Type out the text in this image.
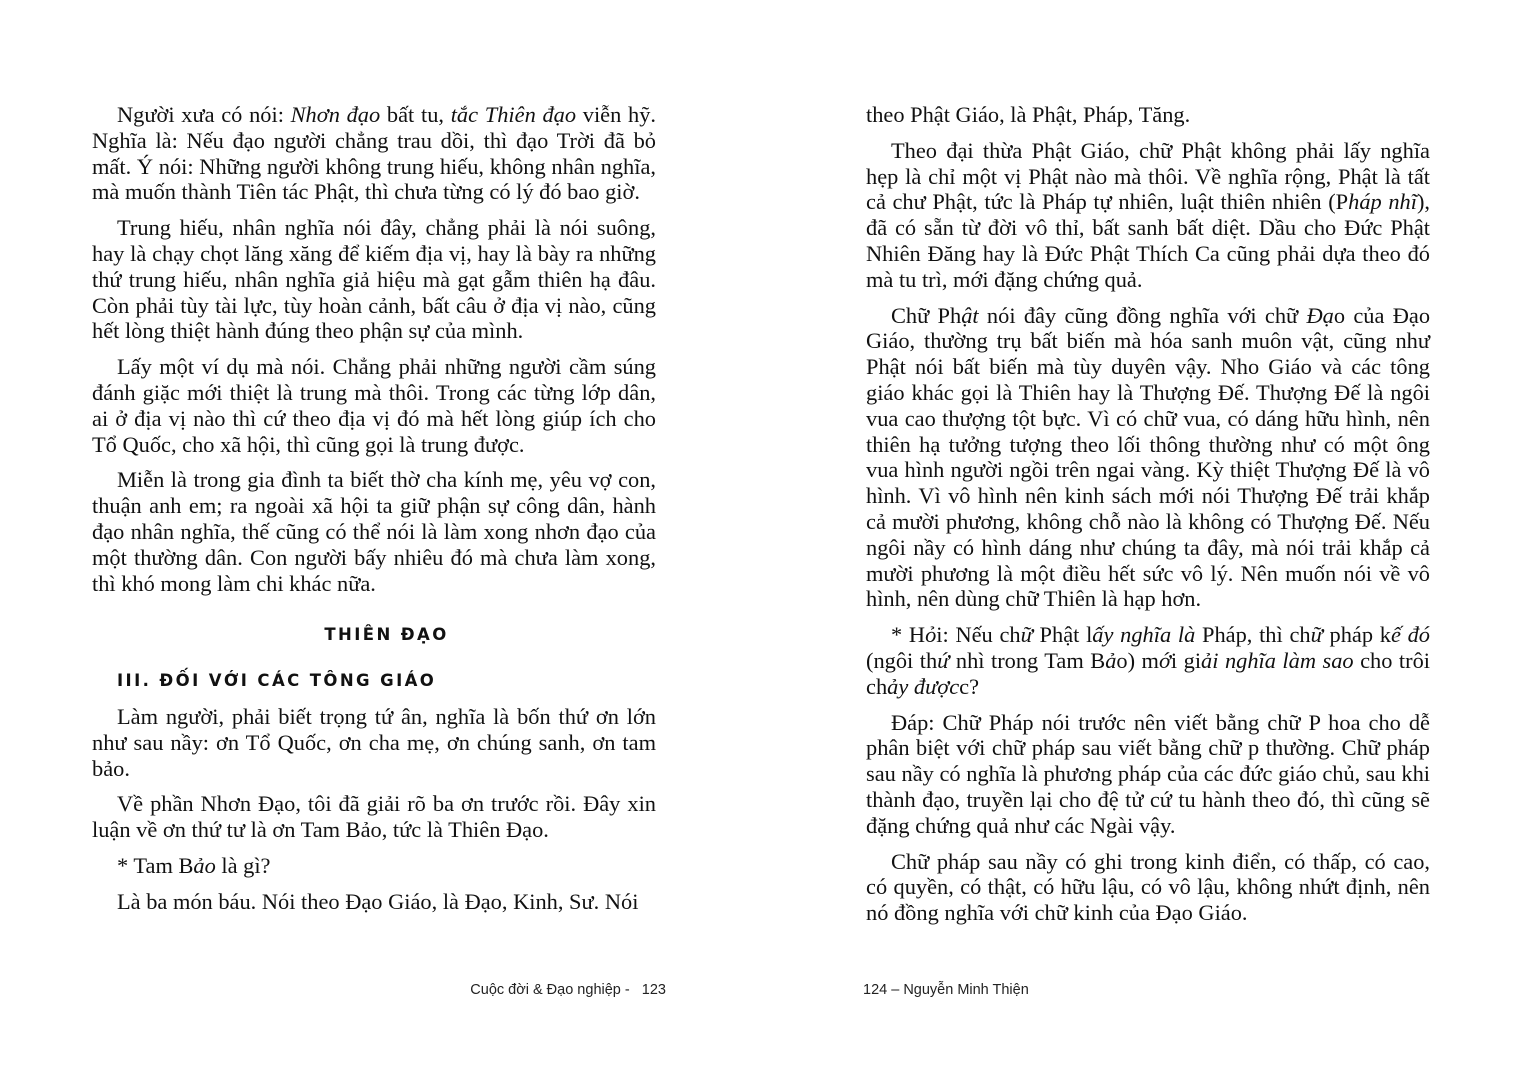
Người xưa có nói: Nhơn đạo bất tu, tắc Thiên đạo viễn hỹ. Nghĩa là: Nếu đạo người chẳng trau dồi, thì đạo Trời đã bỏ mất. Ý nói: Những người không trung hiếu, không nhân nghĩa, mà muốn thành Tiên tác Phật, thì chưa từng có lý đó bao giờ.

Trung hiếu, nhân nghĩa nói đây, chẳng phải là nói suông, hay là chạy chọt lăng xăng để kiếm địa vị, hay là bày ra những thứ trung hiếu, nhân nghĩa giả hiệu mà gạt gẫm thiên hạ đâu. Còn phải tùy tài lực, tùy hoàn cảnh, bất câu ở địa vị nào, cũng hết lòng thiệt hành đúng theo phận sự của mình.

Lấy một ví dụ mà nói. Chẳng phải những người cầm súng đánh giặc mới thiệt là trung mà thôi. Trong các từng lớp dân, ai ở địa vị nào thì cứ theo địa vị đó mà hết lòng giúp ích cho Tổ Quốc, cho xã hội, thì cũng gọi là trung được.

Miễn là trong gia đình ta biết thờ cha kính mẹ, yêu vợ con, thuận anh em; ra ngoài xã hội ta giữ phận sự công dân, hành đạo nhân nghĩa, thế cũng có thể nói là làm xong nhơn đạo của một thường dân. Con người bấy nhiêu đó mà chưa làm xong, thì khó mong làm chi khác nữa.

THIÊN ĐẠO

III. ĐỐI VỚI CÁC TÔNG GIÁO

Làm người, phải biết trọng tứ ân, nghĩa là bốn thứ ơn lớn như sau nầy: ơn Tổ Quốc, ơn cha mẹ, ơn chúng sanh, ơn tam bảo.

Về phần Nhơn Đạo, tôi đã giải rõ ba ơn trước rồi. Đây xin luận về ơn thứ tư là ơn Tam Bảo, tức là Thiên Đạo.

* Tam Bảo là gì?

Là ba món báu. Nói theo Đạo Giáo, là Đạo, Kinh, Sư. Nói

Cuộc đời & Đạo nghiệp -   123

theo Phật Giáo, là Phật, Pháp, Tăng.

Theo đại thừa Phật Giáo, chữ Phật không phải lấy nghĩa hẹp là chỉ một vị Phật nào mà thôi. Về nghĩa rộng, Phật là tất cả chư Phật, tức là Pháp tự nhiên, luật thiên nhiên (Pháp nhĩ), đã có sẵn từ đời vô thỉ, bất sanh bất diệt. Dầu cho Đức Phật Nhiên Đăng hay là Đức Phật Thích Ca cũng phải dựa theo đó mà tu trì, mới đặng chứng quả.

Chữ Phật nói đây cũng đồng nghĩa với chữ Đạo của Đạo Giáo, thường trụ bất biến mà hóa sanh muôn vật, cũng như Phật nói bất biến mà tùy duyên vậy. Nho Giáo và các tông giáo khác gọi là Thiên hay là Thượng Đế. Thượng Đế là ngôi vua cao thượng tột bực. Vì có chữ vua, có dáng hữu hình, nên thiên hạ tưởng tượng theo lối thông thường như có một ông vua hình người ngồi trên ngai vàng. Kỳ thiệt Thượng Đế là vô hình. Vì vô hình nên kinh sách mới nói Thượng Đế trải khắp cả mười phương, không chỗ nào là không có Thượng Đế. Nếu ngôi nầy có hình dáng như chúng ta đây, mà nói trải khắp cả mười phương là một điều hết sức vô lý. Nên muốn nói về vô hình, nên dùng chữ Thiên là hạp hơn.

* Hỏi: Nếu chữ Phật lấy nghĩa là Pháp, thì chữ pháp kế đó (ngôi thứ nhì trong Tam Bảo) mới giải nghĩa làm sao cho trôi chảy đượcc?

Đáp: Chữ Pháp nói trước nên viết bằng chữ P hoa cho dễ phân biệt với chữ pháp sau viết bằng chữ p thường. Chữ pháp sau nầy có nghĩa là phương pháp của các đức giáo chủ, sau khi thành đạo, truyền lại cho đệ tử cứ tu hành theo đó, thì cũng sẽ đặng chứng quả như các Ngài vậy.

Chữ pháp sau nầy có ghi trong kinh điển, có thấp, có cao, có quyền, có thật, có hữu lậu, có vô lậu, không nhứt định, nên nó đồng nghĩa với chữ kinh của Đạo Giáo.

124 – Nguyễn Minh Thiện
